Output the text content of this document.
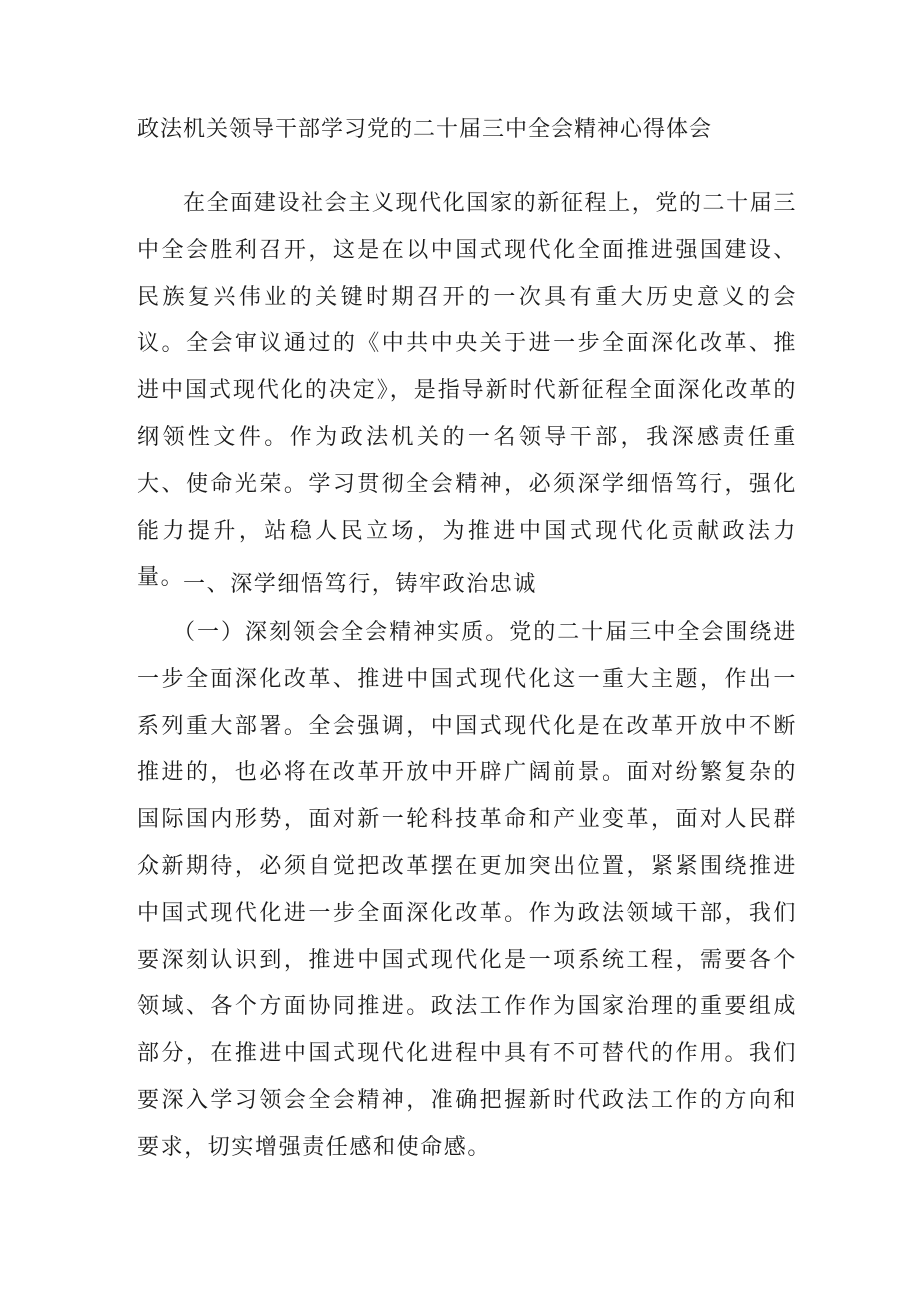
政法机关领导干部学习党的二十届三中全会精神心得体会

在全面建设社会主义现代化国家的新征程上，党的二十届三中全会胜利召开，这是在以中国式现代化全面推进强国建设、民族复兴伟业的关键时期召开的一次具有重大历史意义的会议。全会审议通过的《中共中央关于进一步全面深化改革、推进中国式现代化的决定》，是指导新时代新征程全面深化改革的纲领性文件。作为政法机关的一名领导干部，我深感责任重大、使命光荣。学习贯彻全会精神，必须深学细悟笃行，强化能力提升，站稳人民立场，为推进中国式现代化贡献政法力量。

一、深学细悟笃行，铸牢政治忠诚

（一）深刻领会全会精神实质。党的二十届三中全会围绕进一步全面深化改革、推进中国式现代化这一重大主题，作出一系列重大部署。全会强调，中国式现代化是在改革开放中不断推进的，也必将在改革开放中开辟广阔前景。面对纷繁复杂的国际国内形势，面对新一轮科技革命和产业变革，面对人民群众新期待，必须自觉把改革摆在更加突出位置，紧紧围绕推进中国式现代化进一步全面深化改革。作为政法领域干部，我们要深刻认识到，推进中国式现代化是一项系统工程，需要各个领域、各个方面协同推进。政法工作作为国家治理的重要组成部分，在推进中国式现代化进程中具有不可替代的作用。我们要深入学习领会全会精神，准确把握新时代政法工作的方向和要求，切实增强责任感和使命感。
